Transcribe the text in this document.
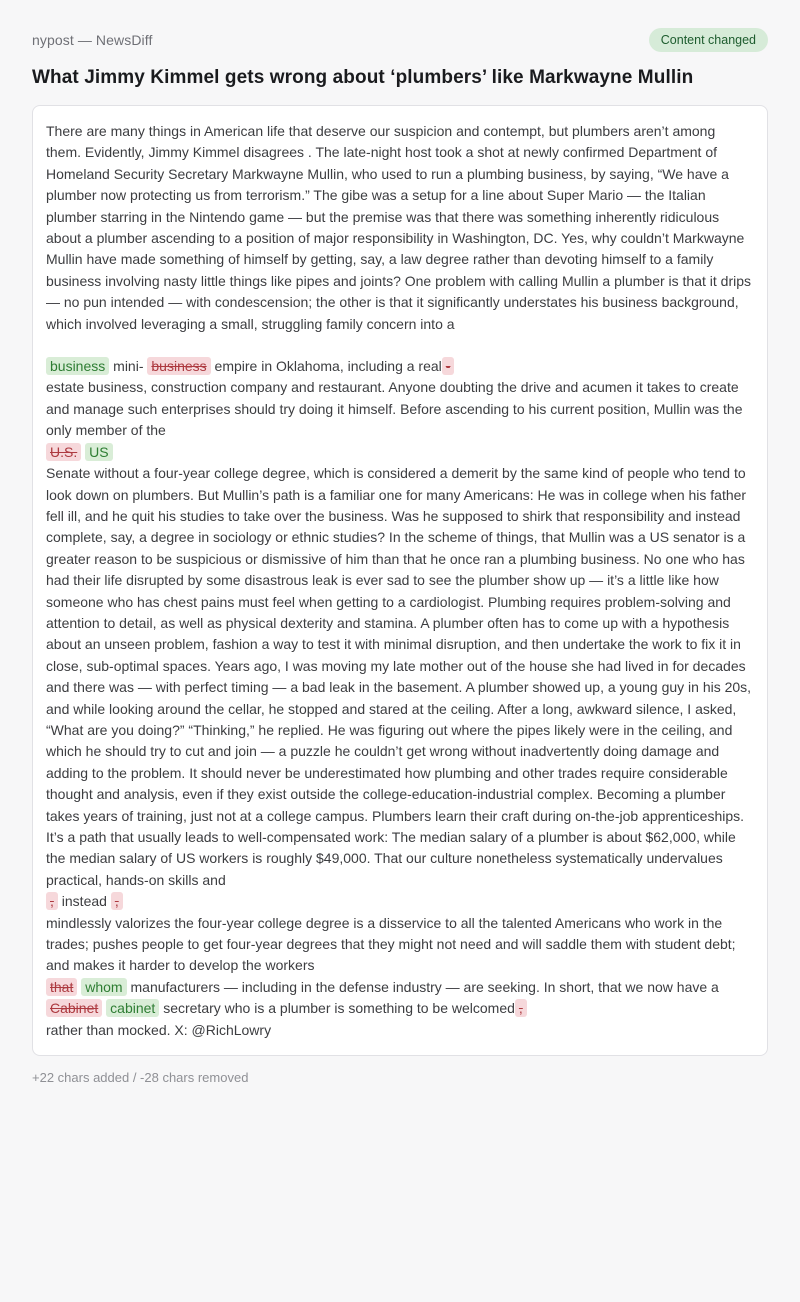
nypost — NewsDiff	Content changed
What Jimmy Kimmel gets wrong about ‘plumbers’ like Markwayne Mullin
There are many things in American life that deserve our suspicion and contempt, but plumbers aren’t among them. Evidently, Jimmy Kimmel disagrees . The late-night host took a shot at newly confirmed Department of Homeland Security Secretary Markwayne Mullin, who used to run a plumbing business, by saying, “We have a plumber now protecting us from terrorism.” The gibe was a setup for a line about Super Mario — the Italian plumber starring in the Nintendo game — but the premise was that there was something inherently ridiculous about a plumber ascending to a position of major responsibility in Washington, DC. Yes, why couldn’t Markwayne Mullin have made something of himself by getting, say, a law degree rather than devoting himself to a family business involving nasty little things like pipes and joints? One problem with calling Mullin a plumber is that it drips — no pun intended — with condescension; the other is that it significantly understates his business background, which involved leveraging a small, struggling family concern into a
business mini- business empire in Oklahoma, including a real -
estate business, construction company and restaurant. Anyone doubting the drive and acumen it takes to create and manage such enterprises should try doing it himself. Before ascending to his current position, Mullin was the only member of the
U.S. US
Senate without a four-year college degree, which is considered a demerit by the same kind of people who tend to look down on plumbers. But Mullin’s path is a familiar one for many Americans: He was in college when his father fell ill, and he quit his studies to take over the business. Was he supposed to shirk that responsibility and instead complete, say, a degree in sociology or ethnic studies? In the scheme of things, that Mullin was a US senator is a greater reason to be suspicious or dismissive of him than that he once ran a plumbing business. No one who has had their life disrupted by some disastrous leak is ever sad to see the plumber show up — it’s a little like how someone who has chest pains must feel when getting to a cardiologist. Plumbing requires problem-solving and attention to detail, as well as physical dexterity and stamina. A plumber often has to come up with a hypothesis about an unseen problem, fashion a way to test it with minimal disruption, and then undertake the work to fix it in close, sub-optimal spaces. Years ago, I was moving my late mother out of the house she had lived in for decades and there was — with perfect timing — a bad leak in the basement. A plumber showed up, a young guy in his 20s, and while looking around the cellar, he stopped and stared at the ceiling. After a long, awkward silence, I asked, “What are you doing?” “Thinking,” he replied. He was figuring out where the pipes likely were in the ceiling, and which he should try to cut and join — a puzzle he couldn’t get wrong without inadvertently doing damage and adding to the problem. It should never be underestimated how plumbing and other trades require considerable thought and analysis, even if they exist outside the college-education-industrial complex. Becoming a plumber takes years of training, just not at a college campus. Plumbers learn their craft during on-the-job apprenticeships. It’s a path that usually leads to well-compensated work: The median salary of a plumber is about $62,000, while the median salary of US workers is roughly $49,000. That our culture nonetheless systematically undervalues practical, hands-on skills and
, instead ,
mindlessly valorizes the four-year college degree is a disservice to all the talented Americans who work in the trades; pushes people to get four-year degrees that they might not need and will saddle them with student debt; and makes it harder to develop the workers
that whom manufacturers — including in the defense industry — are seeking. In short, that we now have a
Cabinet cabinet secretary who is a plumber is something to be welcomed ,
rather than mocked. X: @RichLowry
+22 chars added / -28 chars removed
